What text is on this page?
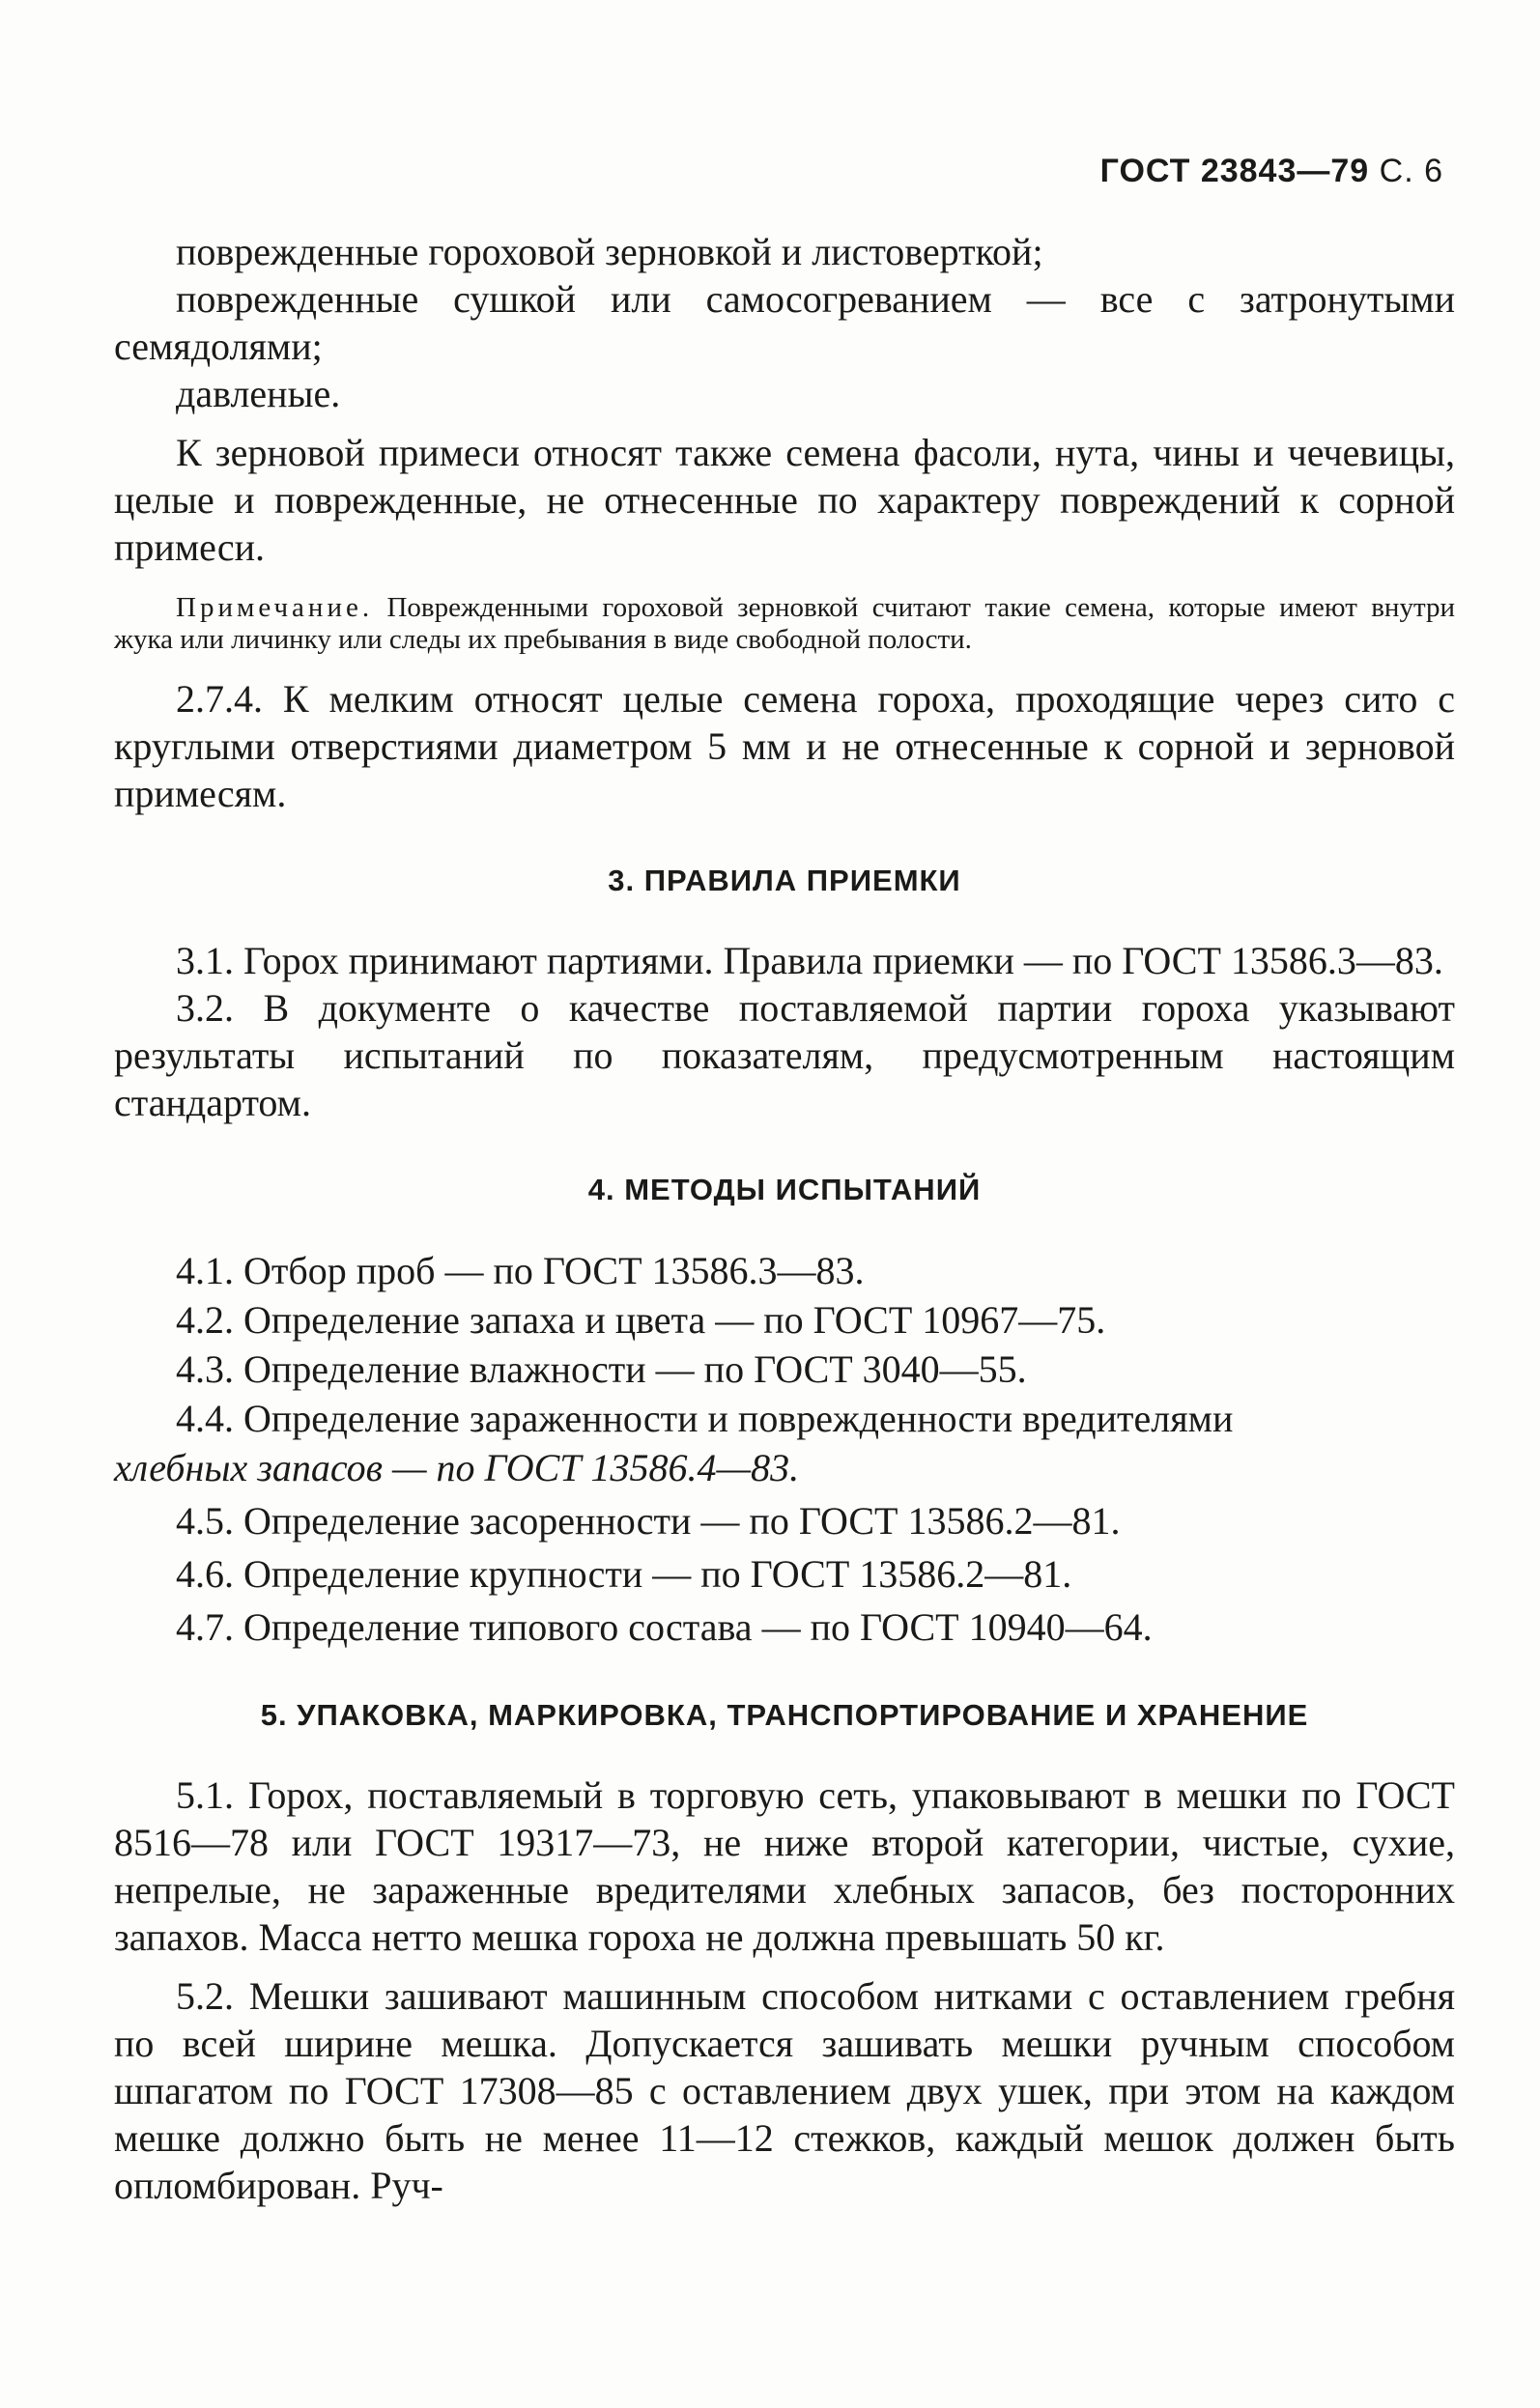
ГОСТ 23843—79 С. 6

поврежденные гороховой зерновкой и листоверткой;

поврежденные сушкой или самосогреванием — все с затронутыми семядолями;

давленые.

К зерновой примеси относят также семена фасоли, нута, чины и чечевицы, целые и поврежденные, не отнесенные по характеру повреждений к сорной примеси.

Примечание. Поврежденными гороховой зерновкой считают такие семена, которые имеют внутри жука или личинку или следы их пребывания в виде свободной полости.

2.7.4. К мелким относят целые семена гороха, проходящие через сито с круглыми отверстиями диаметром 5 мм и не отнесенные к сорной и зерновой примесям.

3. ПРАВИЛА ПРИЕМКИ

3.1. Горох принимают партиями. Правила приемки — по ГОСТ 13586.3—83.

3.2. В документе о качестве поставляемой партии гороха указывают результаты испытаний по показателям, предусмотренным настоящим стандартом.

4. МЕТОДЫ ИСПЫТАНИЙ

4.1. Отбор проб — по ГОСТ 13586.3—83.

4.2. Определение запаха и цвета — по ГОСТ 10967—75.

4.3. Определение влажности — по ГОСТ 3040—55.

4.4. Определение зараженности и поврежденности вредителями

хлебных запасов — по ГОСТ 13586.4—83.

4.5. Определение засоренности — по ГОСТ 13586.2—81.

4.6. Определение крупности — по ГОСТ 13586.2—81.

4.7. Определение типового состава — по ГОСТ 10940—64.

5. УПАКОВКА, МАРКИРОВКА, ТРАНСПОРТИРОВАНИЕ И ХРАНЕНИЕ

5.1. Горох, поставляемый в торговую сеть, упаковывают в мешки по ГОСТ 8516—78 или ГОСТ 19317—73, не ниже второй категории, чистые, сухие, непрелые, не зараженные вредителями хлебных запасов, без посторонних запахов. Масса нетто мешка гороха не должна превышать 50 кг.

5.2. Мешки зашивают машинным способом нитками с оставлением гребня по всей ширине мешка. Допускается зашивать мешки ручным способом шпагатом по ГОСТ 17308—85 с оставлением двух ушек, при этом на каждом мешке должно быть не менее 11—12 стежков, каждый мешок должен быть опломбирован. Руч-
